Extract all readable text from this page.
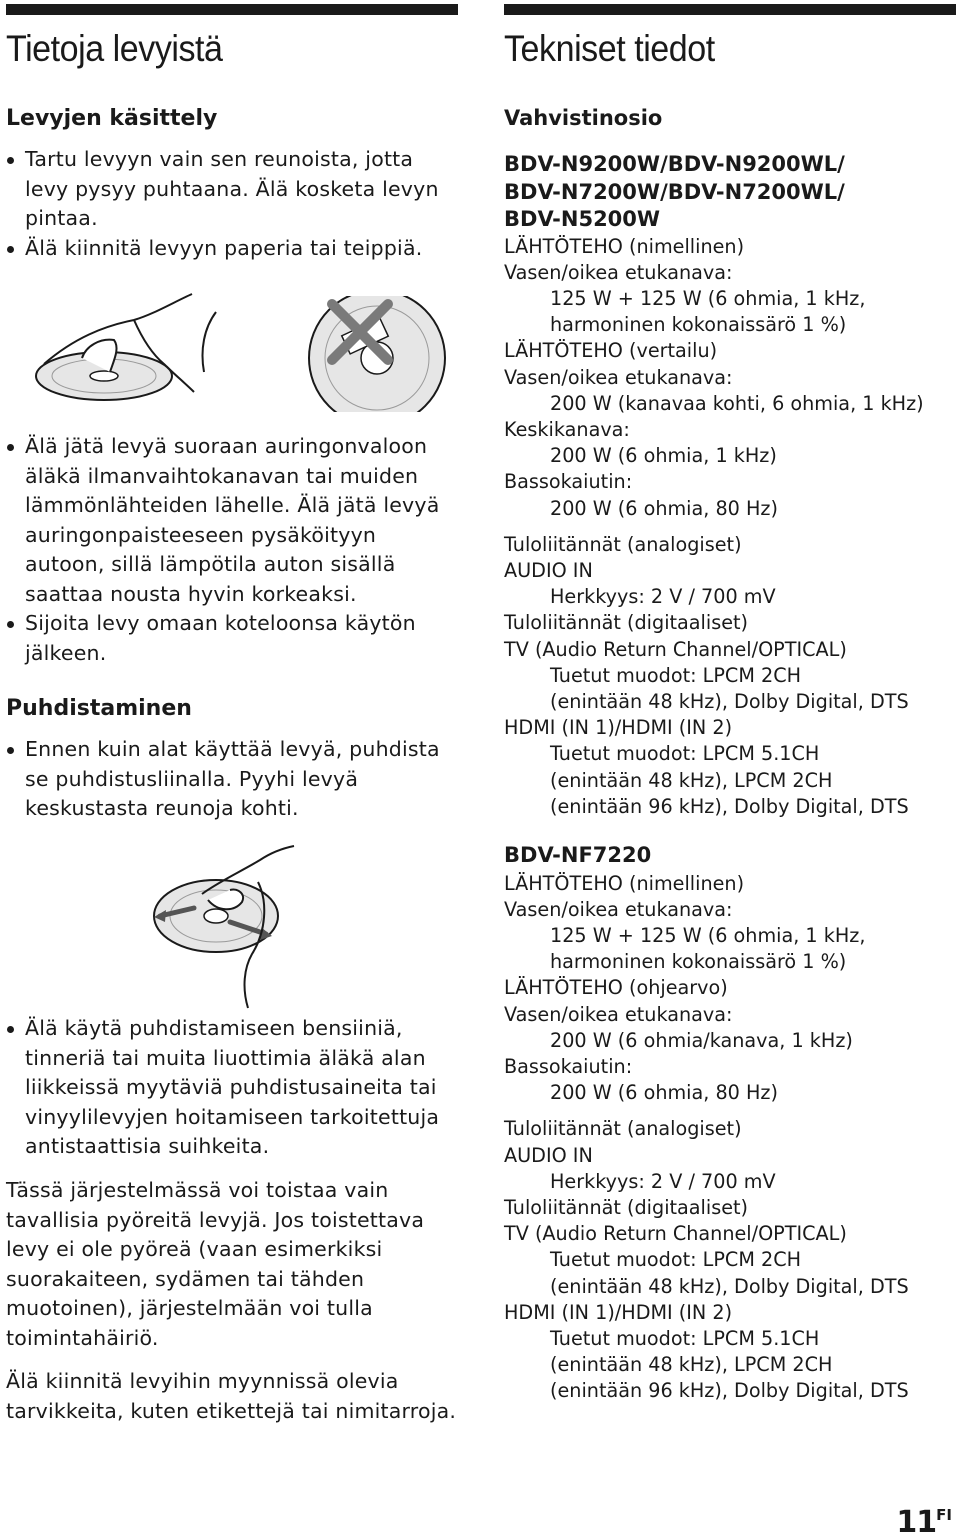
Tietoja levyistä
Levyjen käsittely
Tartu levyyn vain sen reunoista, jotta levy pysyy puhtaana. Älä kosketa levyn pintaa.
Älä kiinnitä levyyn paperia tai teippiä.
Älä jätä levyä suoraan auringonvaloon äläkä ilmanvaihtokanavan tai muiden lämmönlähteiden lähelle. Älä jätä levyä auringonpaisteeseen pysäköityyn autoon, sillä lämpötila auton sisällä saattaa nousta hyvin korkeaksi.
Sijoita levy omaan koteloonsa käytön jälkeen.
Puhdistaminen
Ennen kuin alat käyttää levyä, puhdista se puhdistusliinalla. Pyyhi levyä keskustasta reunoja kohti.
Älä käytä puhdistamiseen bensiiniä, tinneriä tai muita liuottimia äläkä alan liikkeissä myytäviä puhdistusaineita tai vinyylilevyjen hoitamiseen tarkoitettuja antistaattisia suihkeita.

Tässä järjestelmässä voi toistaa vain tavallisia pyöreitä levyjä. Jos toistettava levy ei ole pyöreä (vaan esimerkiksi suorakaiteen, sydämen tai tähden muotoinen), järjestelmään voi tulla toimintahäiriö.

Älä kiinnitä levyihin myynnissä olevia tarvikkeita, kuten etikettejä tai nimitarroja.

Tekniset tiedot
Vahvistinosio

BDV-N9200W/BDV-N9200WL/

BDV-N7200W/BDV-N7200WL/

BDV-N5200W

LÄHTÖTEHO (nimellinen)

Vasen/oikea etukanava:

125 W + 125 W (6 ohmia, 1 kHz,

harmoninen kokonaissärö 1 %)

LÄHTÖTEHO (vertailu)

Vasen/oikea etukanava:

200 W (kanavaa kohti, 6 ohmia, 1 kHz)

Keskikanava:

200 W (6 ohmia, 1 kHz)

Bassokaiutin:

200 W (6 ohmia, 80 Hz)

Tuloliitännät (analogiset)

AUDIO IN

Herkkyys: 2 V / 700 mV

Tuloliitännät (digitaaliset)

TV (Audio Return Channel/OPTICAL)

Tuetut muodot: LPCM 2CH

(enintään 48 kHz), Dolby Digital, DTS

HDMI (IN 1)/HDMI (IN 2)

Tuetut muodot: LPCM 5.1CH

(enintään 48 kHz), LPCM 2CH

(enintään 96 kHz), Dolby Digital, DTS

BDV-NF7220

LÄHTÖTEHO (nimellinen)

Vasen/oikea etukanava:

125 W + 125 W (6 ohmia, 1 kHz,

harmoninen kokonaissärö 1 %)

LÄHTÖTEHO (ohjearvo)

Vasen/oikea etukanava:

200 W (6 ohmia/kanava, 1 kHz)

Bassokaiutin:

200 W (6 ohmia, 80 Hz)

Tuloliitännät (analogiset)

AUDIO IN

Herkkyys: 2 V / 700 mV

Tuloliitännät (digitaaliset)

TV (Audio Return Channel/OPTICAL)

Tuetut muodot: LPCM 2CH

(enintään 48 kHz), Dolby Digital, DTS

HDMI (IN 1)/HDMI (IN 2)

Tuetut muodot: LPCM 5.1CH

(enintään 48 kHz), LPCM 2CH

(enintään 96 kHz), Dolby Digital, DTS

$11^{FI}$
